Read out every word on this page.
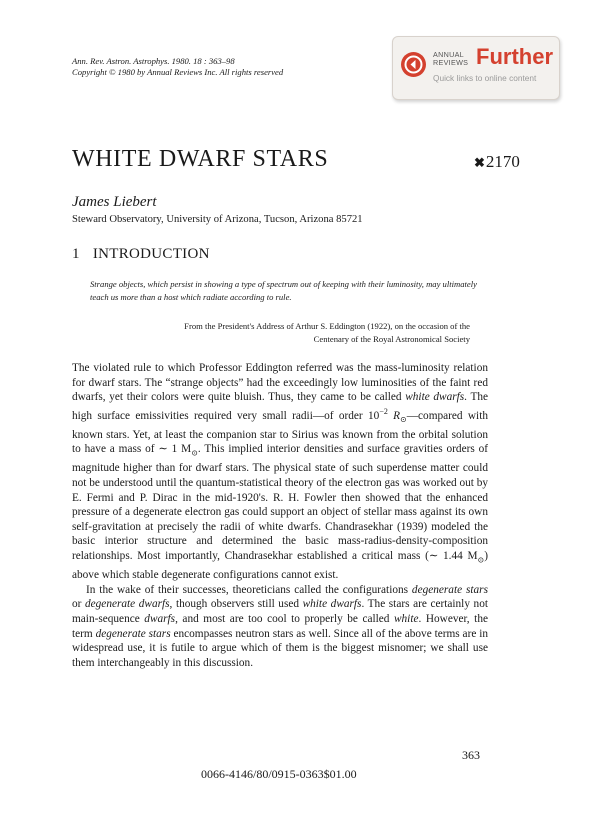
Ann. Rev. Astron. Astrophys. 1980. 18 : 363–98
Copyright © 1980 by Annual Reviews Inc. All rights reserved
ANNUAL
REVIEWS Further
Quick links to online content
WHITE DWARF STARS	✖2170
James Liebert
Steward Observatory, University of Arizona, Tucson, Arizona 85721
1 INTRODUCTION
Strange objects, which persist in showing a type of spectrum out of keeping with their luminosity, may ultimately teach us more than a host which radiate according to rule.
From the President's Address of Arthur S. Eddington (1922), on the occasion of the
Centenary of the Royal Astronomical Society

The violated rule to which Professor Eddington referred was the mass-luminosity relation for dwarf stars. The “strange objects” had the exceedingly low luminosities of the faint red dwarfs, yet their colors were quite bluish. Thus, they came to be called white dwarfs. The high surface emissivities required very small radii—of order $10^{-2}$ $R_⊙—compared$ with known stars. Yet, at least the companion star to Sirius was known from the orbital solution to have a mass of ∼ 1 $M_⊙$. This implied interior densities and surface gravities orders of magnitude higher than for dwarf stars. The physical state of such superdense matter could not be understood until the quantum-statistical theory of the electron gas was worked out by E. Fermi and P. Dirac in the mid-1920's. R. H. Fowler then showed that the enhanced pressure of a degenerate electron gas could support an object of stellar mass against its own self-gravitation at precisely the radii of white dwarfs. Chandrasekhar (1939) modeled the basic interior structure and determined the basic mass-radius-density-composition relationships. Most importantly, Chandrasekhar established a critical mass (∼ 1.44 $M_⊙$) above which stable degenerate configurations cannot exist.

In the wake of their successes, theoreticians called the configurations degenerate stars or degenerate dwarfs, though observers still used white dwarfs. The stars are certainly not main-sequence dwarfs, and most are too cool to properly be called white. However, the term degenerate stars encompasses neutron stars as well. Since all of the above terms are in widespread use, it is futile to argue which of them is the biggest misnomer; we shall use them interchangeably in this discussion.

363
0066-4146/80/0915-0363$01.00
